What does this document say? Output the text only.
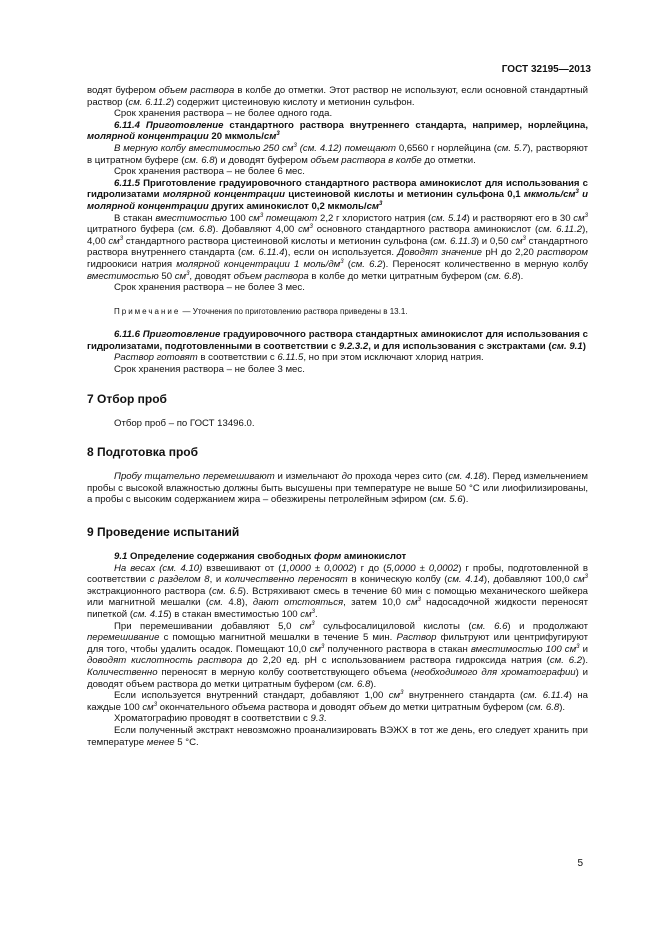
ГОСТ 32195—2013

водят буфером объем раствора в колбе до отметки. Этот раствор не используют, если основной стандартный раствор (см. 6.11.2) содержит цистеиновую кислоту и метионин сульфон.

Срок хранения раствора – не более одного года.

6.11.4 Приготовление стандартного раствора внутреннего стандарта, например, норлейцина, молярной концентрации 20 мкмоль/$см^3$

В мерную колбу вместимостью 250 $см^3$ (см. 4.12) помещают 0,6560 г норлейцина (см. 5.7), растворяют в цитратном буфере (см. 6.8) и доводят буфером объем раствора в колбе до отметки.

Срок хранения раствора – не более 6 мес.

6.11.5 Приготовление градуировочного стандартного раствора аминокислот для использования с гидролизатами молярной концентрации цистеиновой кислоты и метионин сульфона 0,1 мкмоль/$см^3$ и молярной концентрации других аминокислот 0,2 мкмоль/$см^3$

В стакан вместимостью 100 $см^3$ помещают 2,2 г хлористого натрия (см. 5.14) и растворяют его в 30 $см^3$ цитратного буфера (см. 6.8). Добавляют 4,00 $см^3$ основного стандартного раствора аминокислот (см. 6.11.2), 4,00 $см^3$ стандартного раствора цистеиновой кислоты и метионин сульфона (см. 6.11.3) и 0,50 $см^3$ стандартного раствора внутреннего стандарта (см. 6.11.4), если он используется. Доводят значение pH до 2,20 раствором гидроокиси натрия молярной концентрации 1 моль/$дм^3$ (см. 6.2). Переносят количественно в мерную колбу вместимостью 50 $см^3$, доводят объем раствора в колбе до метки цитратным буфером (см. 6.8).

Срок хранения раствора – не более 3 мес.

Примечание — Уточнения по приготовлению раствора приведены в 13.1.

6.11.6 Приготовление градуировочного раствора стандартных аминокислот для использования с гидролизатами, подготовленными в соответствии с 9.2.3.2, и для использования с экстрактами (см. 9.1)

Раствор готовят в соответствии с 6.11.5, но при этом исключают хлорид натрия.

Срок хранения раствора – не более 3 мес.

7 Отбор проб

Отбор проб – по ГОСТ 13496.0.

8 Подготовка проб

Пробу тщательно перемешивают и измельчают до прохода через сито (см. 4.18). Перед измельчением пробы с высокой влажностью должны быть высушены при температуре не выше 50 °С или лиофилизированы, а пробы с высоким содержанием жира – обезжирены петролейным эфиром (см. 5.6).

9 Проведение испытаний

9.1 Определение содержания свободных форм аминокислот

На весах (см. 4.10) взвешивают от (1,0000 ± 0,0002) г до (5,0000 ± 0,0002) г пробы, подготовленной в соответствии с разделом 8, и количественно переносят в коническую колбу (см. 4.14), добавляют 100,0 $см^3$ экстракционного раствора (см. 6.5). Встряхивают смесь в течение 60 мин с помощью механического шейкера или магнитной мешалки (см. 4.8), дают отстояться, затем 10,0 $см^3$ надосадочной жидкости переносят пипеткой (см. 4.15) в стакан вместимостью 100 $см^3$.

При перемешивании добавляют 5,0 $см^3$ сульфосалициловой кислоты (см. 6.6) и продолжают перемешивание с помощью магнитной мешалки в течение 5 мин. Раствор фильтруют или центрифугируют для того, чтобы удалить осадок. Помещают 10,0 $см^3$ полученного раствора в стакан вместимостью 100 $см^3$ и доводят кислотность раствора до 2,20 ед. pH с использованием раствора гидроксида натрия (см. 6.2). Количественно переносят в мерную колбу соответствующего объема (необходимого для хроматографии) и доводят объем раствора до метки цитратным буфером (см. 6.8).

Если используется внутренний стандарт, добавляют 1,00 $см^3$ внутреннего стандарта (см. 6.11.4) на каждые 100 $см^3$ окончательного объема раствора и доводят объем до метки цитратным буфером (см. 6.8).

Хроматографию проводят в соответствии с 9.3.

Если полученный экстракт невозможно проанализировать ВЭЖХ в тот же день, его следует хранить при температуре менее 5 °С.

5
